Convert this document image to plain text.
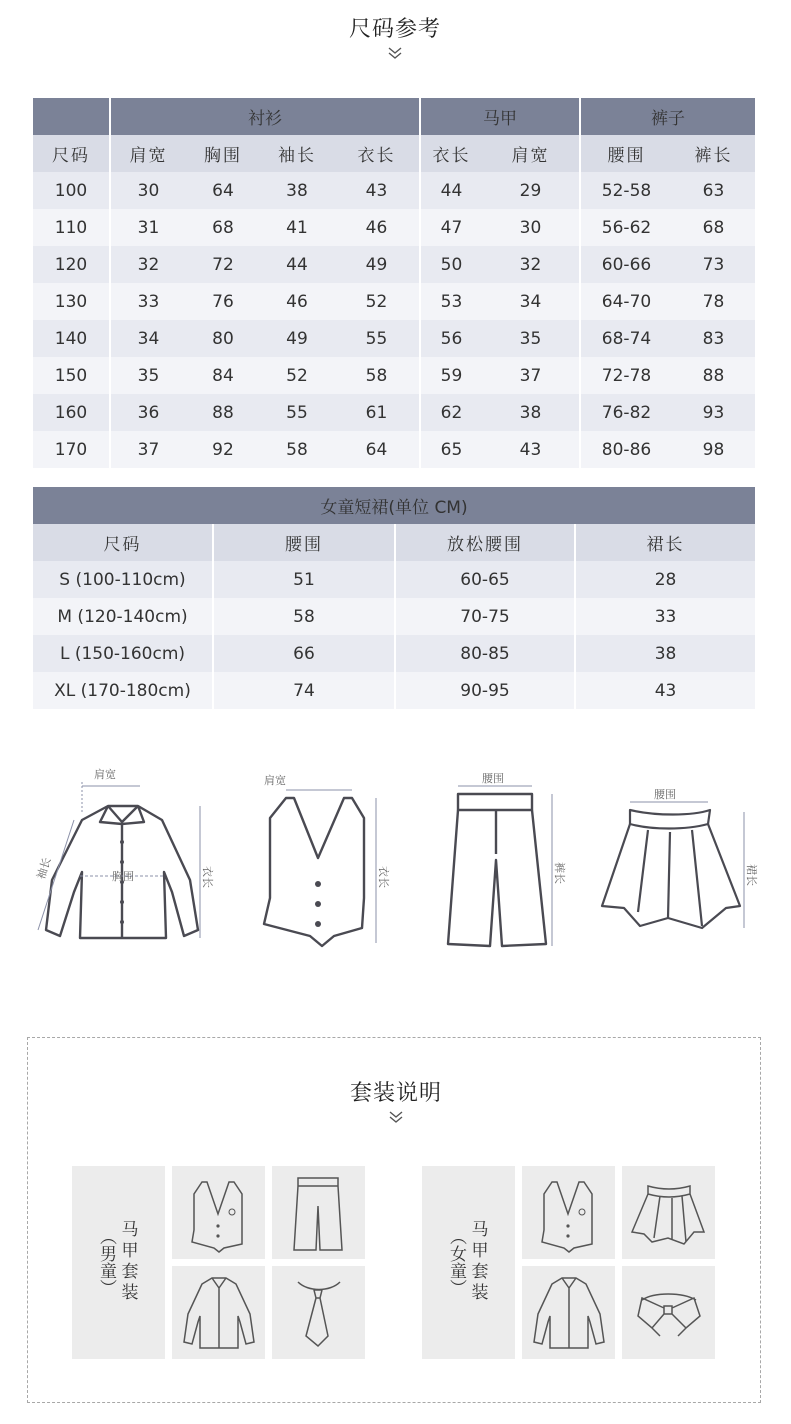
尺码参考
	衬衫				马甲		裤子	
尺码	肩宽	胸围	袖长	衣长	衣长	肩宽	腰围	裤长
100	30	64	38	43	44	29	52-58	63
110	31	68	41	46	47	30	56-62	68
120	32	72	44	49	50	32	60-66	73
130	33	76	46	52	53	34	64-70	78
140	34	80	49	55	56	35	68-74	83
150	35	84	52	58	59	37	72-78	88
160	36	88	55	61	62	38	76-82	93
170	37	92	58	64	65	43	80-86	98
女童短裙(单位 CM)			
尺码	腰围	放松腰围	裙长
S (100-110cm)	51	60-65	28
M (120-140cm)	58	70-75	33
L (150-160cm)	66	80-85	38
XL (170-180cm)	74	90-95	43
肩宽
胸围
袖长	衣长
肩宽
衣长
腰围
裤长
腰围
裙长
套装说明
马甲套装
（男童）	马甲套装
（女童）
